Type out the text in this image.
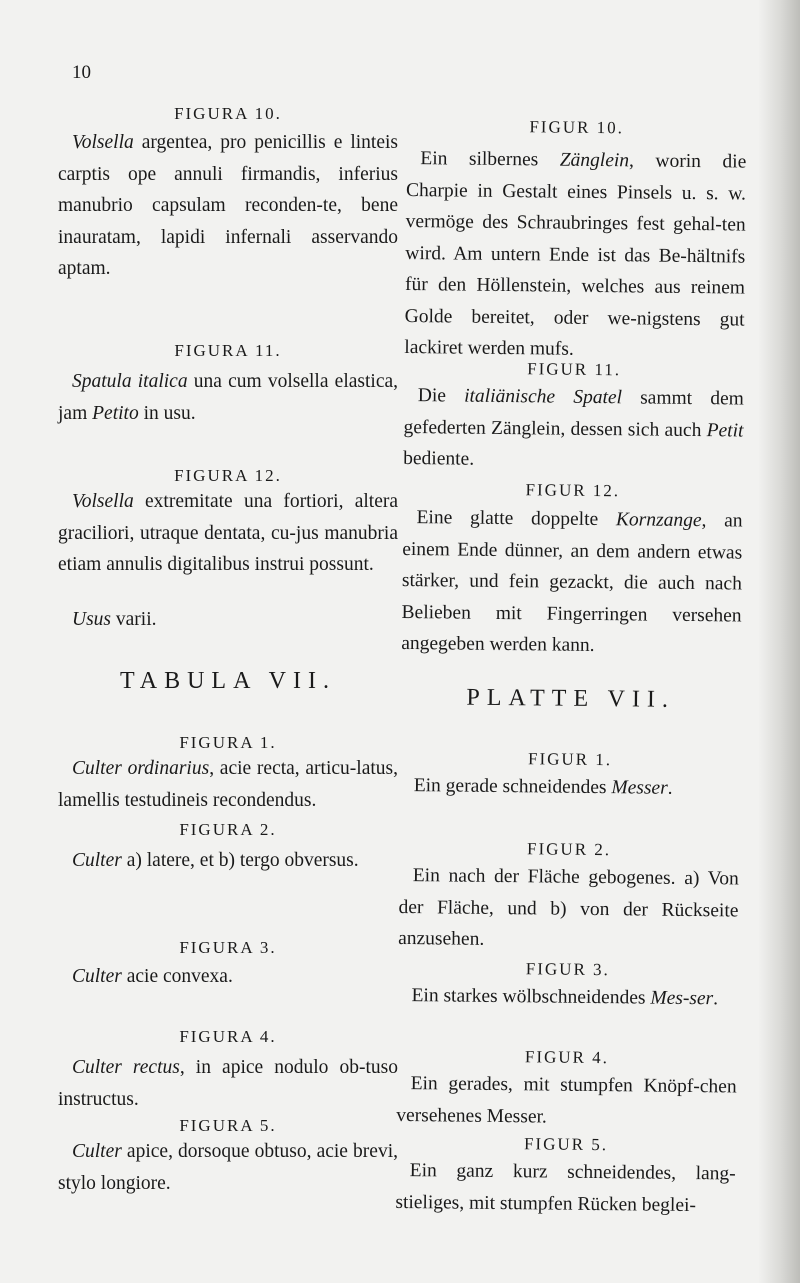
10
FIGURA 10.
Volsella argentea, pro penicillis e linteis carptis ope annuli firmandis, inferius manubrio capsulam reconden-te, bene inauratam, lapidi infernali asservando aptam.
FIGURA 11.
Spatula italica una cum volsella elastica, jam Petito in usu.
FIGURA 12.
Volsella extremitate una fortiori, altera graciliori, utraque dentata, cu-jus manubria etiam annulis digitalibus instrui possunt.
Usus varii.
TABULA VII.
FIGURA 1.
Culter ordinarius, acie recta, articu-latus, lamellis testudineis recondendus.
FIGURA 2.
Culter a) latere, et b) tergo obversus.
FIGURA 3.
Culter acie convexa.
FIGURA 4.
Culter rectus, in apice nodulo ob-tuso instructus.
FIGURA 5.
Culter apice, dorsoque obtuso, acie brevi, stylo longiore.
FIGUR 10.
Ein silbernes Zänglein, worin die Charpie in Gestalt eines Pinsels u. s. w. vermöge des Schraubringes fest gehal-ten wird. Am untern Ende ist das Be-hältnifs für den Höllenstein, welches aus reinem Golde bereitet, oder we-nigstens gut lackiret werden mufs.
FIGUR 11.
Die italiänische Spatel sammt dem gefederten Zänglein, dessen sich auch Petit bediente.
FIGUR 12.
Eine glatte doppelte Kornzange, an einem Ende dünner, an dem andern etwas stärker, und fein gezackt, die auch nach Belieben mit Fingerringen versehen angegeben werden kann.
PLATTE VII.
FIGUR 1.
Ein gerade schneidendes Messer.
FIGUR 2.
Ein nach der Fläche gebogenes. a) Von der Fläche, und b) von der Rückseite anzusehen.
FIGUR 3.
Ein starkes wölbschneidendes Mes-ser.
FIGUR 4.
Ein gerades, mit stumpfen Knöpf-chen versehenes Messer.
FIGUR 5.
Ein ganz kurz schneidendes, lang-stieliges, mit stumpfen Rücken beglei-
